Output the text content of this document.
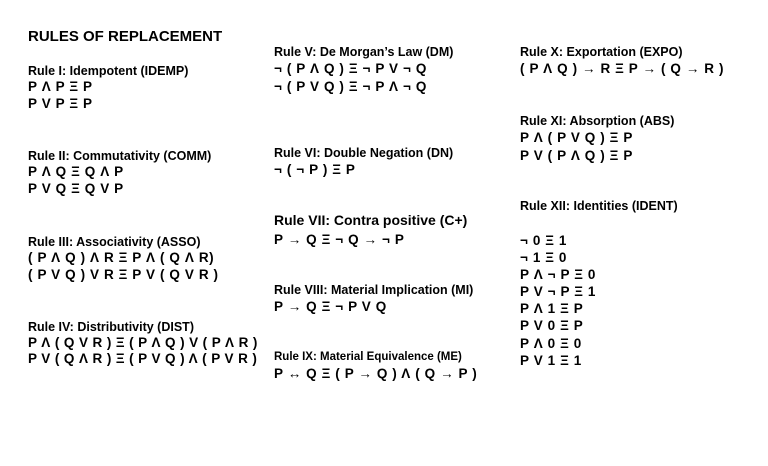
RULES OF REPLACEMENT
Rule I: Idempotent (IDEMP)
P Λ P Ξ P
P V P Ξ P
Rule II: Commutativity (COMM)
P Λ Q Ξ Q Λ P
P V Q Ξ Q V P
Rule III: Associativity (ASSO)
( P Λ Q ) Λ R Ξ P Λ ( Q Λ R)
( P V Q ) V R Ξ P V ( Q V R )
Rule IV: Distributivity (DIST)
P Λ ( Q V R ) Ξ ( P Λ Q ) V ( P Λ R )
P V ( Q Λ R ) Ξ ( P V Q ) Λ ( P V R )
Rule V: De Morgan’s Law (DM)
¬ ( P Λ Q ) Ξ ¬ P V ¬ Q
¬ ( P V Q ) Ξ ¬ P Λ ¬ Q
Rule VI: Double Negation (DN)
¬ ( ¬ P ) Ξ P
Rule VII: Contra positive (C+)
P → Q Ξ ¬ Q → ¬ P
Rule VIII: Material Implication (MI)
P → Q Ξ ¬ P V Q
Rule IX: Material Equivalence (ME)
P ↔ Q Ξ ( P → Q ) Λ ( Q → P )
Rule X: Exportation (EXPO)
( P Λ Q ) → R Ξ P → ( Q → R )
Rule XI: Absorption (ABS)
P Λ ( P V Q ) Ξ P
P V ( P Λ Q ) Ξ P
Rule XII: Identities (IDENT)
¬ 0 Ξ 1
¬ 1 Ξ 0
P Λ ¬ P Ξ 0
P V ¬ P Ξ 1
P Λ 1 Ξ P
P V 0 Ξ P
P Λ 0 Ξ 0
P V 1 Ξ 1
